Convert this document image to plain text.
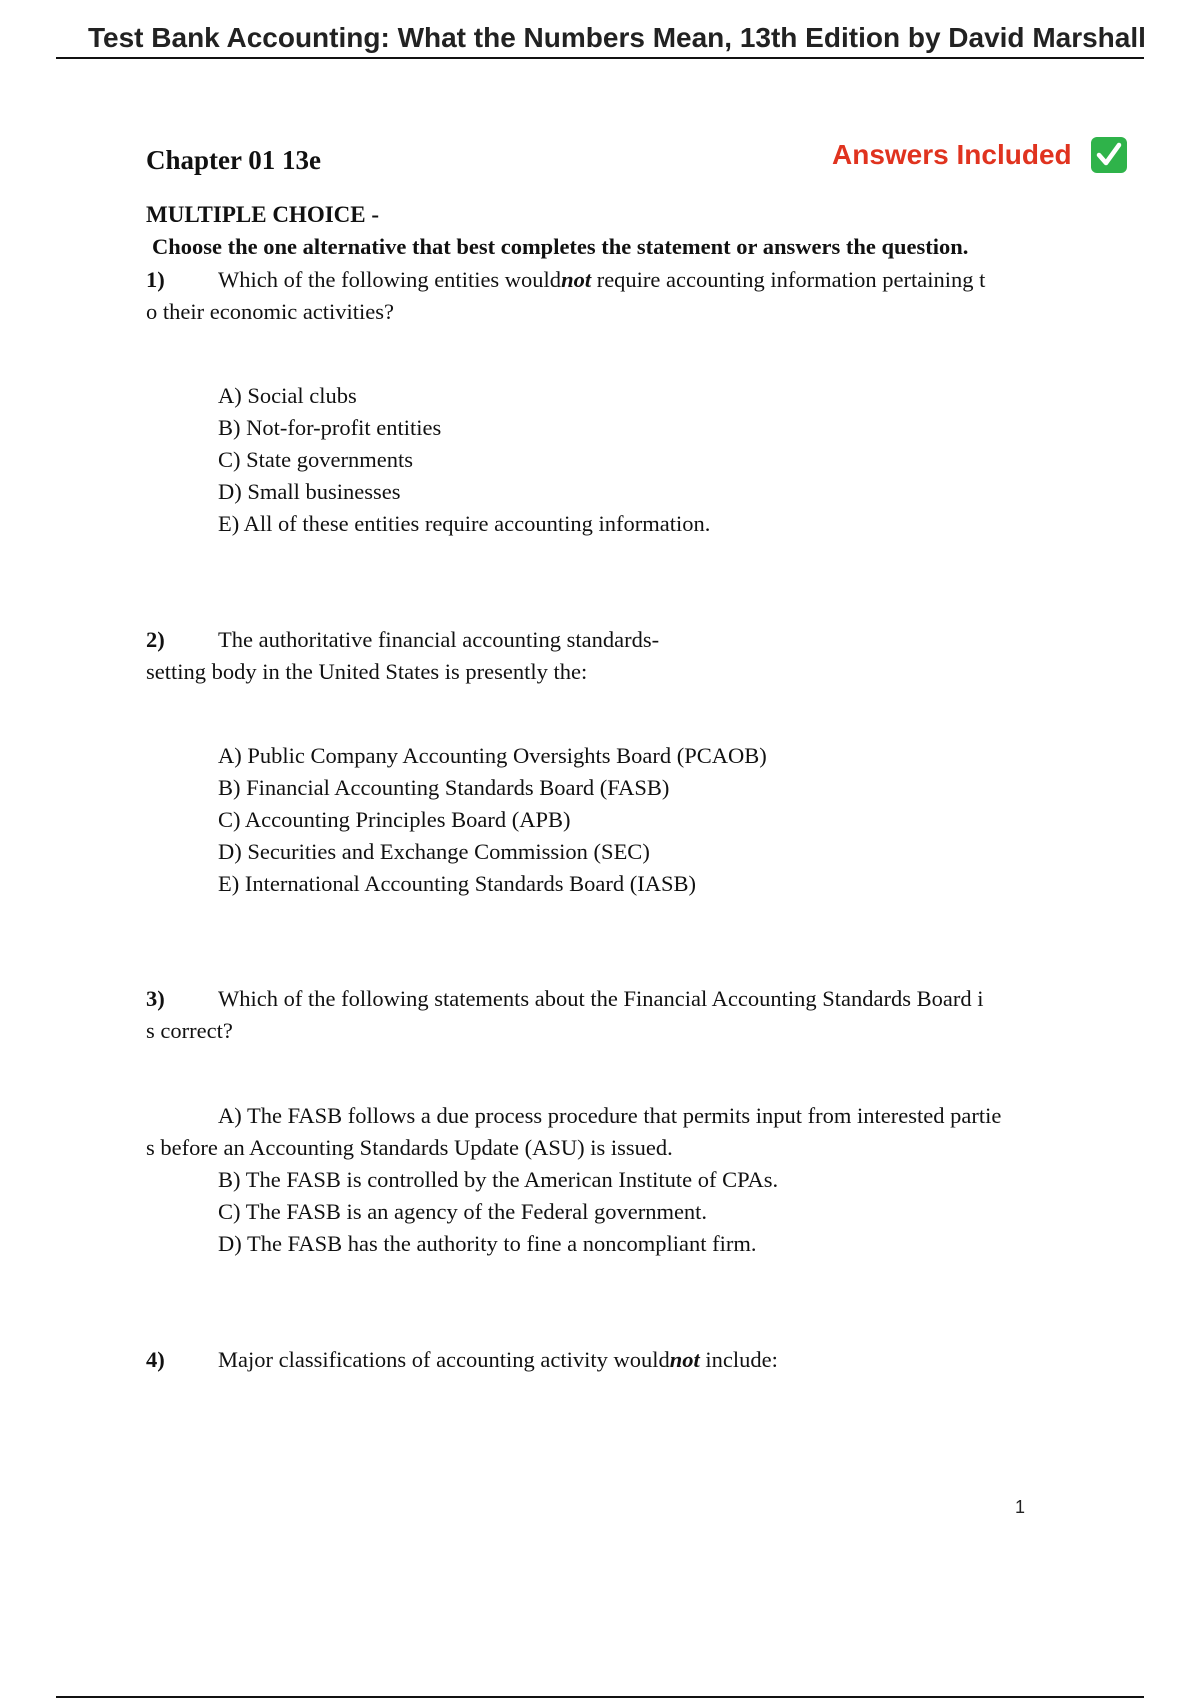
Test Bank Accounting: What the Numbers Mean, 13th Edition by David Marshall
Chapter 01 13e	Answers Included
MULTIPLE CHOICE -
Choose the one alternative that best completes the statement or answers the question.
1) Which of the following entities wouldnot require accounting information pertaining t
o their economic activities?
A) Social clubs
B) Not-for-profit entities
C) State governments
D) Small businesses
E) All of these entities require accounting information.
2) The authoritative financial accounting standards-
setting body in the United States is presently the:
A) Public Company Accounting Oversights Board (PCAOB)
B) Financial Accounting Standards Board (FASB)
C) Accounting Principles Board (APB)
D) Securities and Exchange Commission (SEC)
E) International Accounting Standards Board (IASB)
3) Which of the following statements about the Financial Accounting Standards Board i
s correct?
A) The FASB follows a due process procedure that permits input from interested partie
s before an Accounting Standards Update (ASU) is issued.
B) The FASB is controlled by the American Institute of CPAs.
C) The FASB is an agency of the Federal government.
D) The FASB has the authority to fine a noncompliant firm.
4) Major classifications of accounting activity wouldnot include:
1
